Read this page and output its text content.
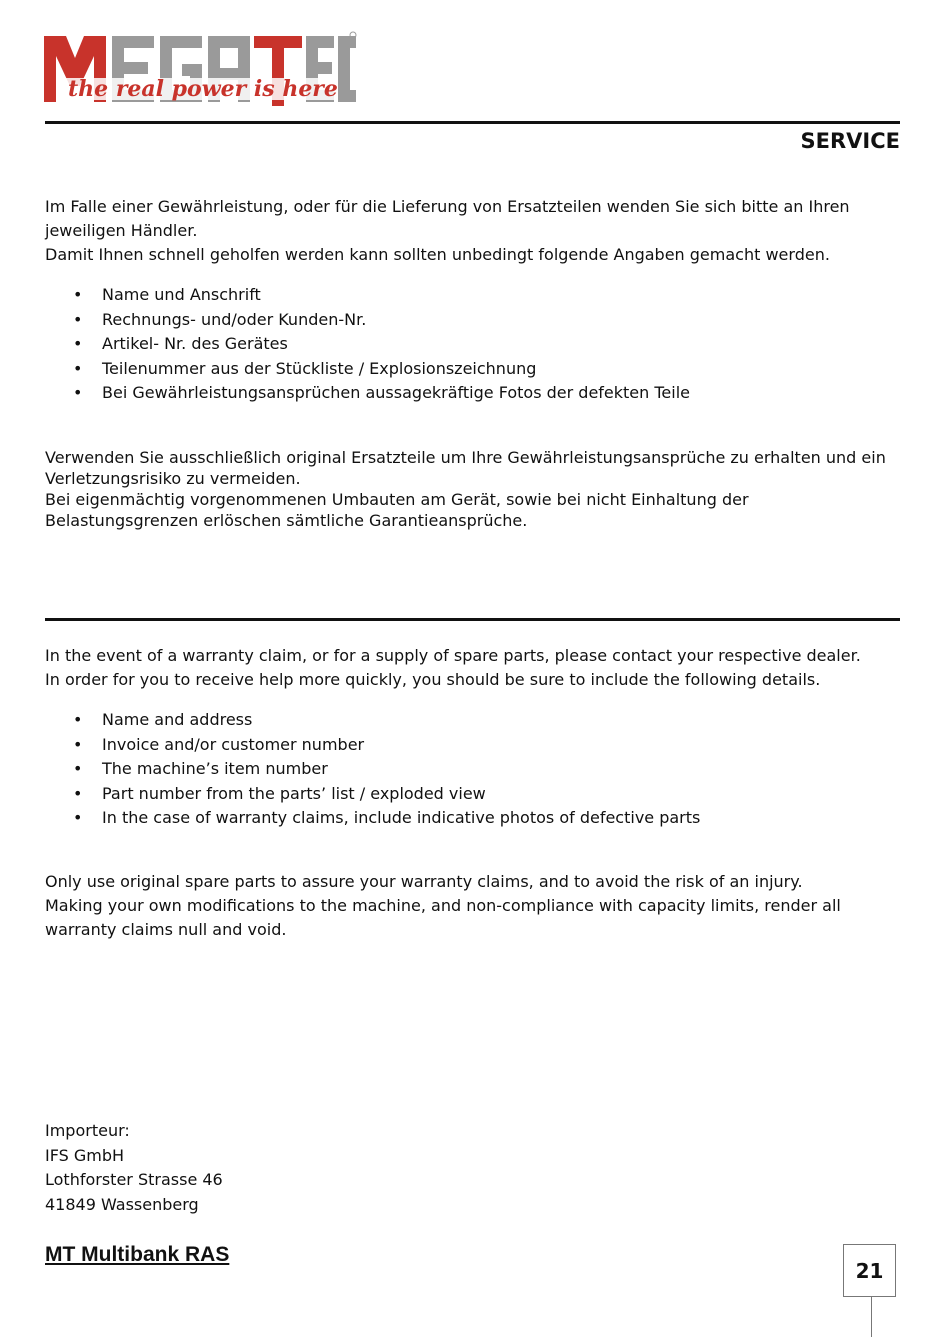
the real power is here
SERVICE

Im Falle einer Gewährleistung, oder für die Lieferung von Ersatzteilen wenden Sie sich bitte an Ihren jeweiligen Händler.

Damit Ihnen schnell geholfen werden kann sollten unbedingt folgende Angaben gemacht werden.

• Name und Anschrift
• Rechnungs- und/oder Kunden-Nr.
• Artikel- Nr. des Gerätes
• Teilenummer aus der Stückliste / Explosionszeichnung
• Bei Gewährleistungsansprüchen aussagekräftige Fotos der defekten Teile

Verwenden Sie ausschließlich original Ersatzteile um Ihre Gewährleistungsansprüche zu erhalten und ein Verletzungsrisiko zu vermeiden.

Bei eigenmächtig vorgenommenen Umbauten am Gerät, sowie bei nicht Einhaltung der Belastungsgrenzen erlöschen sämtliche Garantieansprüche.

In the event of a warranty claim, or for a supply of spare parts, please contact your respective dealer.

In order for you to receive help more quickly, you should be sure to include the following details.

• Name and address
• Invoice and/or customer number
• The machine’s item number
• Part number from the parts’ list / exploded view
• In the case of warranty claims, include indicative photos of defective parts

Only use original spare parts to assure your warranty claims, and to avoid the risk of an injury.

Making your own modifications to the machine, and non-compliance with capacity limits, render all warranty claims null and void.

Importeur:
IFS GmbH
Lothforster Strasse 46
41849 Wassenberg
MT Multibank RAS
21
